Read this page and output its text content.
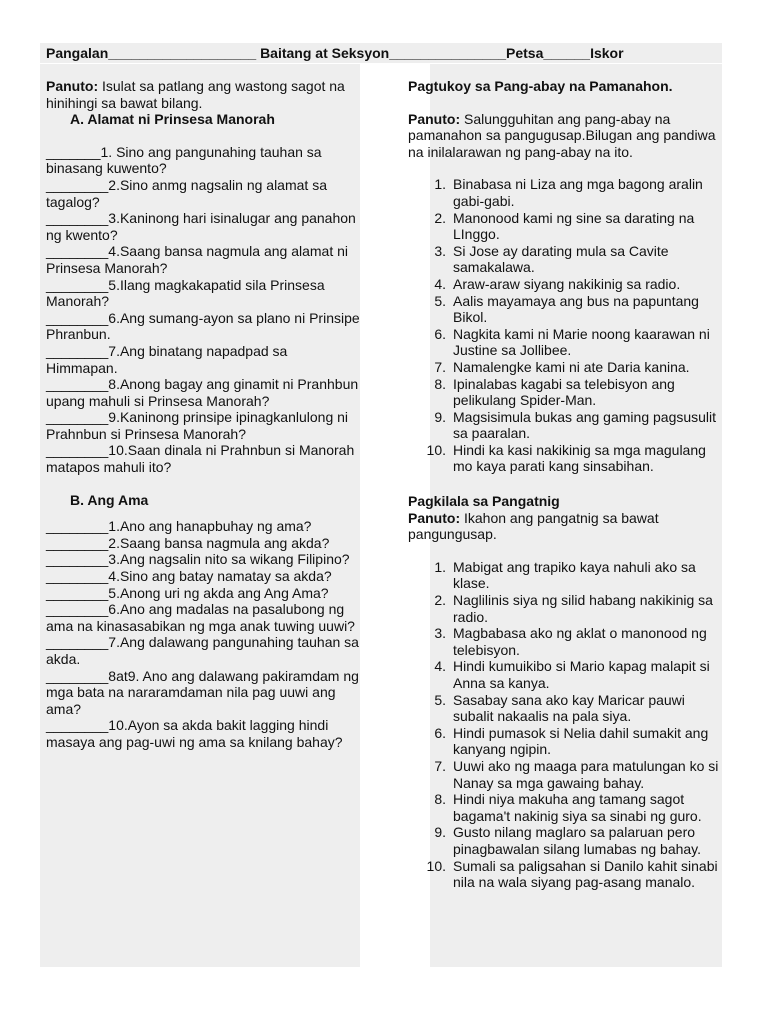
Pangalan___________________ Baitang at Seksyon_______________Petsa______Iskor

Panuto: Isulat sa patlang ang wastong sagot na hinihingi sa bawat bilang.

A. Alamat ni Prinsesa Manorah

_______1. Sino ang pangunahing tauhan sa binasang kuwento?

________2.Sino anmg nagsalin ng alamat sa tagalog?

________3.Kaninong hari isinalugar ang panahon ng kwento?

________4.Saang bansa nagmula ang alamat ni Prinsesa Manorah?

________5.Ilang magkakapatid sila Prinsesa Manorah?

________6.Ang sumang-ayon sa plano ni Prinsipe Phranbun.

________7.Ang binatang napadpad sa Himmapan.

________8.Anong bagay ang ginamit ni Pranhbun upang mahuli si Prinsesa Manorah?

________9.Kaninong prinsipe ipinagkanlulong ni Prahnbun si Prinsesa Manorah?

________10.Saan dinala ni Prahnbun si Manorah matapos mahuli ito?

B. Ang Ama

________1.Ano ang hanapbuhay ng ama?

________2.Saang bansa nagmula ang akda?

________3.Ang nagsalin nito sa wikang Filipino?

________4.Sino ang batay namatay sa akda?

________5.Anong uri ng akda ang Ang Ama?

________6.Ano ang madalas na pasalubong ng ama na kinasasabikan ng mga anak tuwing uuwi?

________7.Ang dalawang pangunahing tauhan sa akda.

________8at9. Ano ang dalawang pakiramdam ng mga bata na nararamdaman nila pag uuwi ang ama?

________10.Ayon sa akda bakit lagging hindi masaya ang pag-uwi ng ama sa knilang bahay?

Pagtukoy sa Pang-abay na Pamanahon.

Panuto: Salungguhitan ang pang-abay na pamanahon sa pangugusap.Bilugan ang pandiwa na inilalarawan ng pang-abay na ito.

1. Binabasa ni Liza ang mga bagong aralin gabi-gabi.
2. Manonood kami ng sine sa darating na LInggo.
3. Si Jose ay darating mula sa Cavite samakalawa.
4. Araw-araw siyang nakikinig sa radio.
5. Aalis mayamaya ang bus na papuntang Bikol.
6. Nagkita kami ni Marie noong kaarawan ni Justine sa Jollibee.
7. Namalengke kami ni ate Daria kanina.
8. Ipinalabas kagabi sa telebisyon ang pelikulang Spider-Man.
9. Magsisimula bukas ang gaming pagsusulit sa paaralan.
10. Hindi ka kasi nakikinig sa mga magulang mo kaya parati kang sinsabihan.

Pagkilala sa Pangatnig

Panuto: Ikahon ang pangatnig sa bawat pangungusap.

1. Mabigat ang trapiko kaya nahuli ako sa klase.
2. Naglilinis siya ng silid habang nakikinig sa radio.
3. Magbabasa ako ng aklat o manonood ng telebisyon.
4. Hindi kumuikibo si Mario kapag malapit si Anna sa kanya.
5. Sasabay sana ako kay Maricar pauwi subalit nakaalis na pala siya.
6. Hindi pumasok si Nelia dahil sumakit ang kanyang ngipin.
7. Uuwi ako ng maaga para matulungan ko si Nanay sa mga gawaing bahay.
8. Hindi niya makuha ang tamang sagot bagama't nakinig siya sa sinabi ng guro.
9. Gusto nilang maglaro sa palaruan pero pinagbawalan silang lumabas ng bahay.
10. Sumali sa paligsahan si Danilo kahit sinabi nila na wala siyang pag-asang manalo.
